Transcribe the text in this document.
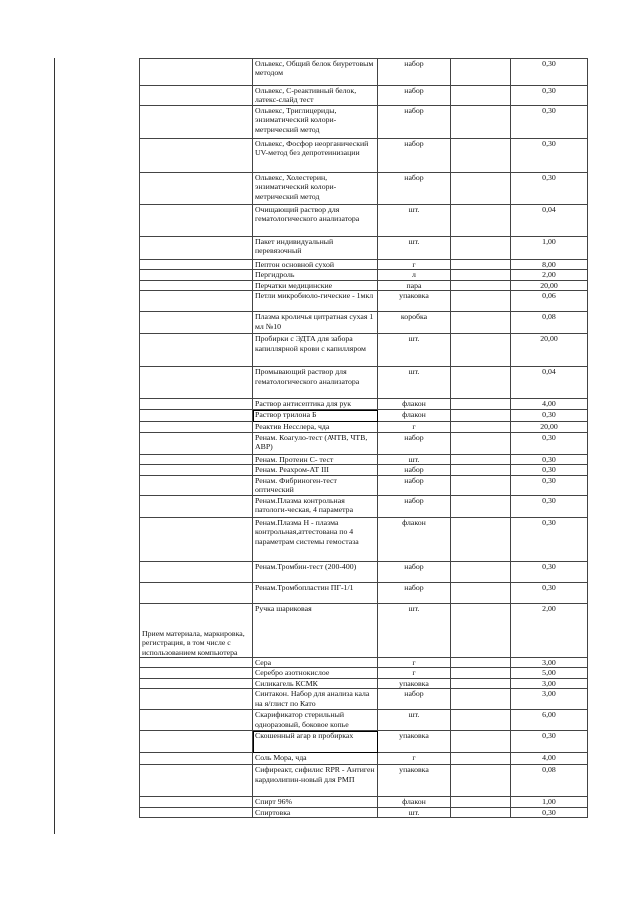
	Ольвекс, Общий белок биуретовым методом	набор		0,30
	Ольвекс, С-реактивный белок, латекс-слайд тест	набор		0,30
	Ольвекс, Триглицериды, энзиматический колори-метрический метод	набор		0,30
	Ольвекс, Фосфор неорганический UV-метод без депротеинизации	набор		0,30
	Ольвекс, Холестерин, энзиматический колори-метрический метод	набор		0,30
	Очищающий раствор для гематологического анализатора	шт.		0,04
	Пакет индивидуальный перевязочный	шт.		1,00
	Пептон основной сухой	г		8,00
	Пергидроль	л		2,00
	Перчатки медицинские	пара		20,00
	Петли микробиоло-гические - 1мкл	упаковка		0,06
	Плазма кроличья цитратная сухая 1 мл №10	коробка		0,08
	Пробирки с ЭДТА для забора капиллярной крови с капилляром	шт.		20,00
	Промывающий раствор для гематологического анализатора	шт.		0,04
	Раствор антисептика для рук	флакон		4,00
	Раствор трилона Б	флакон		0,30
	Реактив Несслера, чда	г		20,00
	Ренам. Коагуло-тест (АЧТВ, ЧТВ, АВР)	набор		0,30
	Ренам. Протеин С- тест	шт.		0,30
	Ренам. Реахром-АТ III	набор		0,30
	Ренам. Фибриноген-тест оптический	набор		0,30
	Ренам.Плазма контрольная патологи-ческая, 4 параметра	набор		0,30
	Ренам.Плазма Н - плазма контрольная,аттестована по 4 параметрам системы гемостаза	флакон		0,30
	Ренам.Тромбин-тест (200-400)	набор		0,30
	Ренам.Тромбопластин ПГ-1/1	набор		0,30
Прием материала, маркировка, регистрация, в том числе с использованием компьютера	Ручка шариковая	шт.		2,00
	Сера	г		3,00
	Серебро азотнокислое	г		5,00
	Силикагель КСМК	упаковка		3,00
	Синтакон. Набор для анализа кала на я/глист по Като	набор		3,00
	Скарификатор стерильный одноразовый, боковое копье	шт.		6,00
	Скошенный агар в пробирках	упаковка		0,30
	Соль Мора, чда	г		4,00
	Сифиреакт, сифилис RPR - Антиген кардиолипин-новый для РМП	упаковка		0,08
	Спирт 96%	флакон		1,00
	Спиртовка	шт.		0,30
